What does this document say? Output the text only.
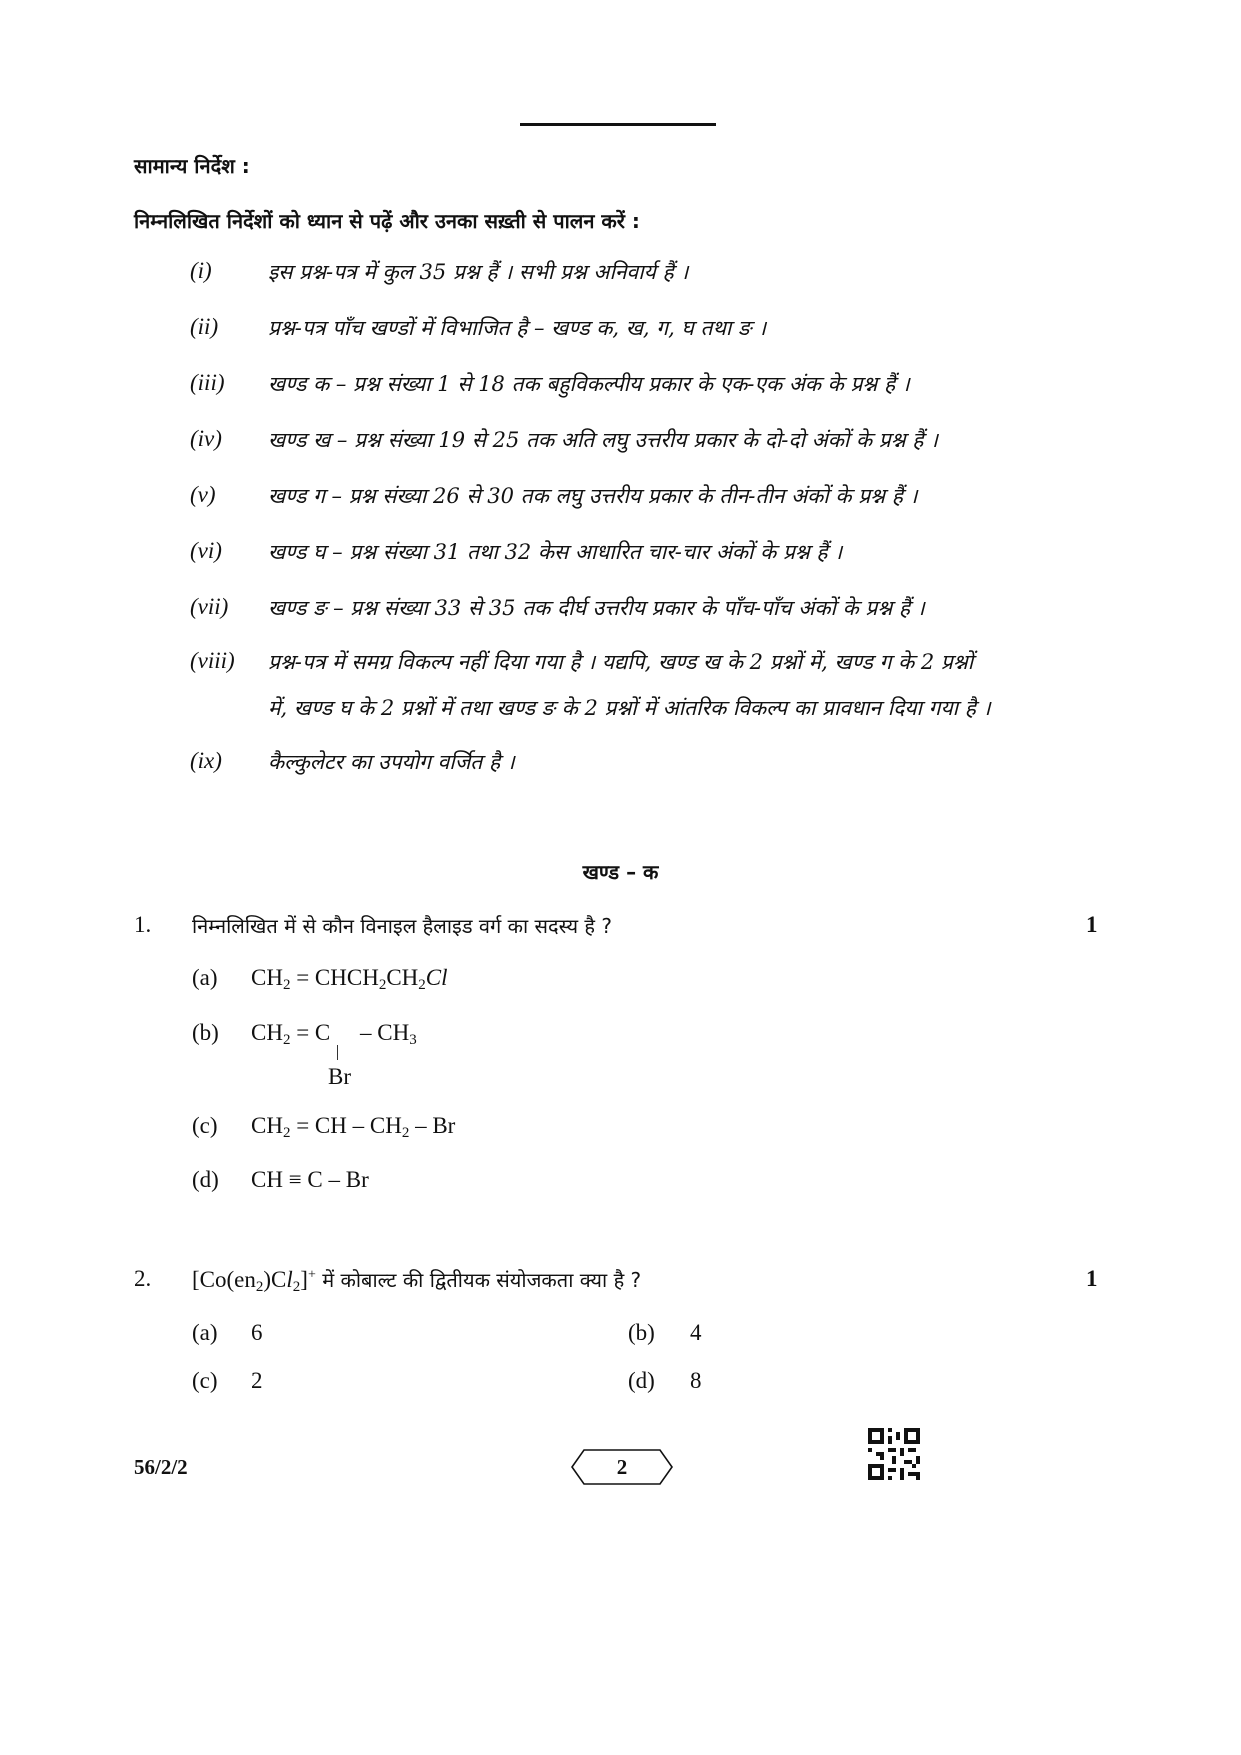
सामान्य निर्देश :
निम्नलिखित निर्देशों को ध्यान से पढ़ें और उनका सख़्ती से पालन करें :
(i)	इस प्रश्न-पत्र में कुल 35 प्रश्न हैं । सभी प्रश्न अनिवार्य हैं ।
(ii) प्रश्न-पत्र पाँच खण्डों में विभाजित है – खण्ड क, ख, ग, घ तथा ङ ।
(iii) खण्ड क – प्रश्न संख्या 1 से 18 तक बहुविकल्पीय प्रकार के एक-एक अंक के प्रश्न हैं ।
(iv) खण्ड ख – प्रश्न संख्या 19 से 25 तक अति लघु उत्तरीय प्रकार के दो-दो अंकों के प्रश्न हैं ।
(v) खण्ड ग – प्रश्न संख्या 26 से 30 तक लघु उत्तरीय प्रकार के तीन-तीन अंकों के प्रश्न हैं ।
(vi) खण्ड घ – प्रश्न संख्या 31 तथा 32 केस आधारित चार-चार अंकों के प्रश्न हैं ।
(vii) खण्ड ङ – प्रश्न संख्या 33 से 35 तक दीर्घ उत्तरीय प्रकार के पाँच-पाँच अंकों के प्रश्न हैं ।
(viii) प्रश्न-पत्र में समग्र विकल्प नहीं दिया गया है । यद्यपि, खण्ड ख के 2 प्रश्नों में, खण्ड ग के 2 प्रश्नों
में, खण्ड घ के 2 प्रश्नों में तथा खण्ड ङ के 2 प्रश्नों में आंतरिक विकल्प का प्रावधान दिया गया है ।
(ix) कैल्कुलेटर का उपयोग वर्जित है ।
खण्ड – क
1. निम्नलिखित में से कौन विनाइल हैलाइड वर्ग का सदस्य है ?	1
(a) $CH_2$ = $CHCH_2CH_2Cl$
(b) $CH_2 = C - CH_3$
Br
(c) $CH_2$ = CH – $CH_2$ – Br
(d) CH ≡ C – Br
2. $[Co(en_2)Cl_2]^+$ में कोबाल्ट की द्वितीयक संयोजकता क्या है ?	1
(a) 6	(b) 4
(c) 2	(d) 8
56/2/2	2
